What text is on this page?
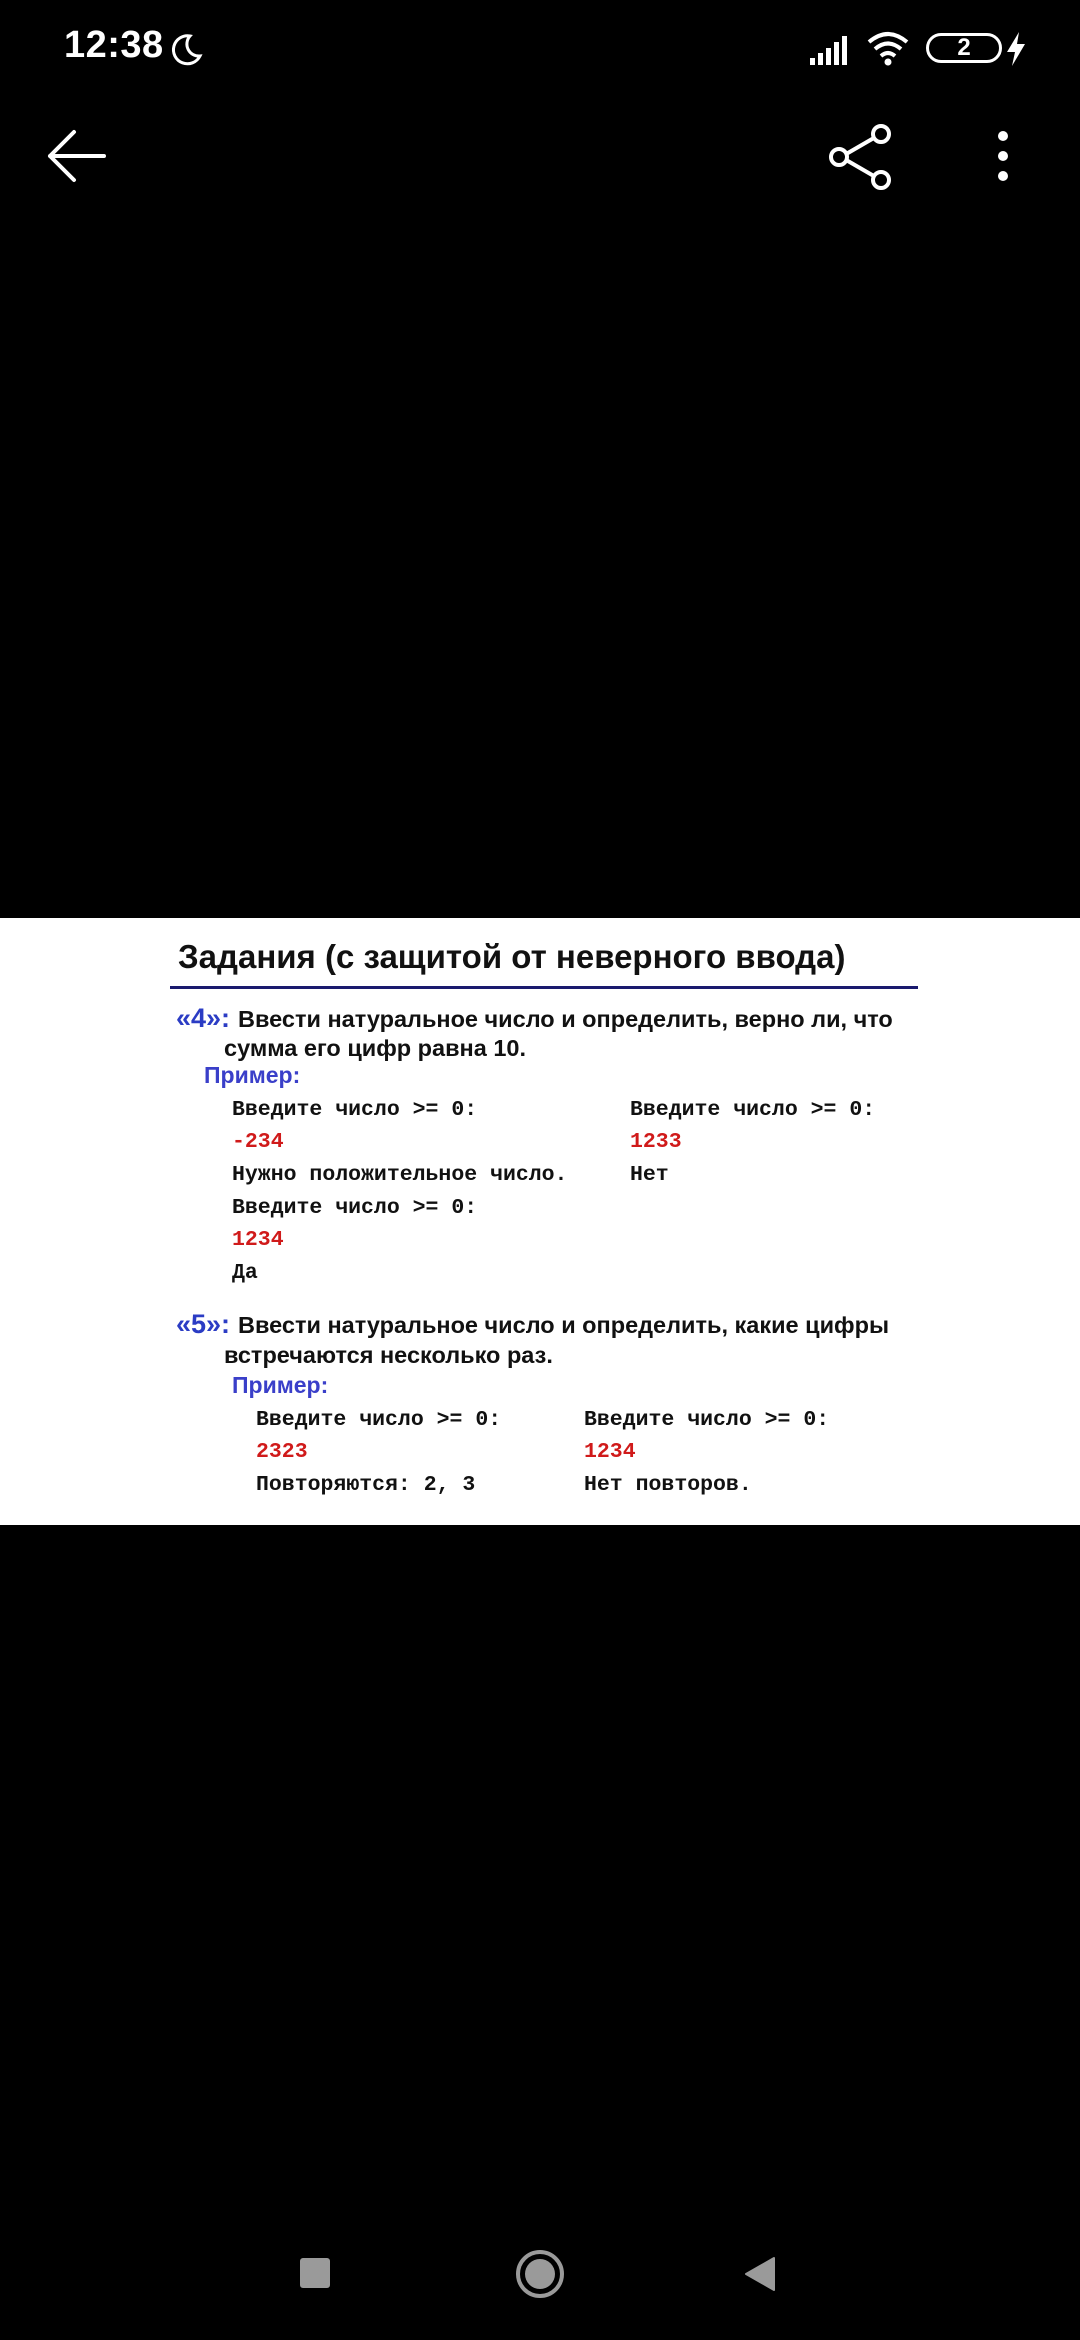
12:38	2
Задания (с защитой от неверного ввода)
«4»: Ввести натуральное число и определить, верно ли, что
сумма его цифр равна 10.
Пример:
Введите число >= 0:
-234
Нужно положительное число.
Введите число >= 0:
1234
Да
Введите число >= 0:
1233
Нет
«5»: Ввести натуральное число и определить, какие цифры
встречаются несколько раз.
Пример:
Введите число >= 0:
2323
Повторяются: 2, 3
Введите число >= 0:
1234
Нет повторов.
